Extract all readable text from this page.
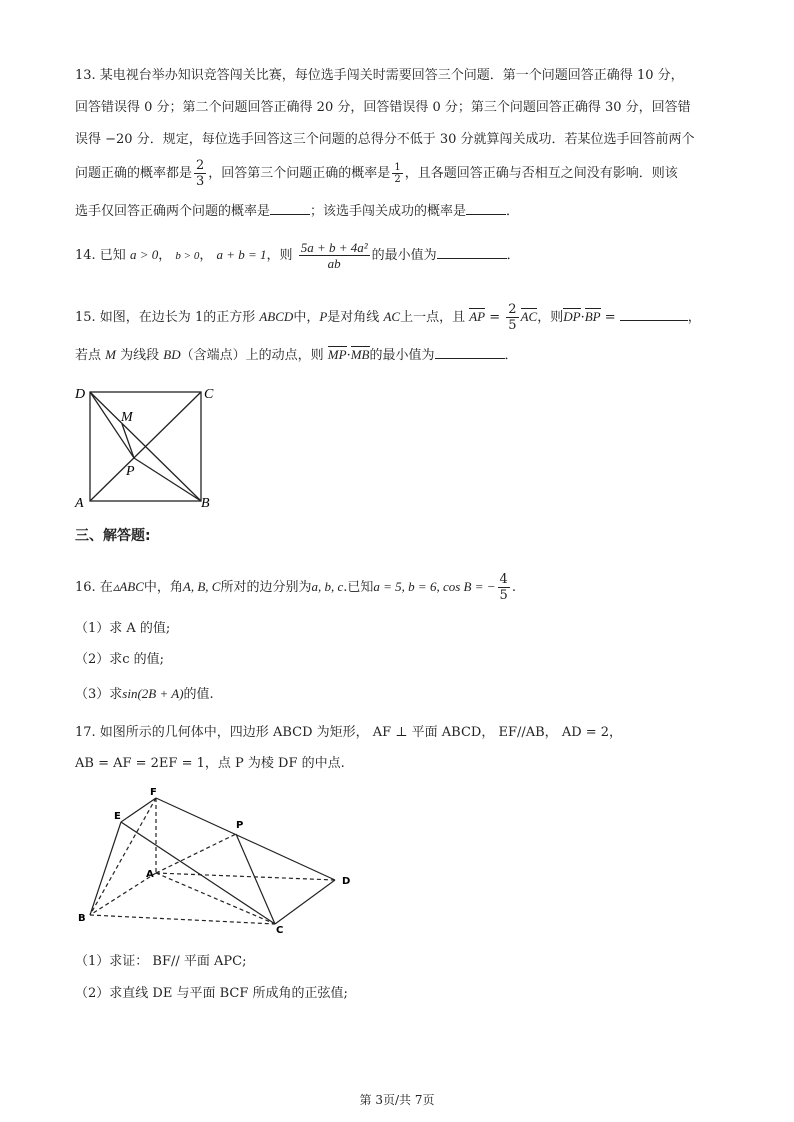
13. 某电视台举办知识竞答闯关比赛，每位选手闯关时需要回答三个问题．第一个问题回答正确得 10 分，
回答错误得 0 分；第二个问题回答正确得 20 分，回答错误得 0 分；第三个问题回答正确得 30 分，回答错
误得 −20 分．规定，每位选手回答这三个问题的总得分不低于 30 分就算闯关成功．若某位选手回答前两个
问题正确的概率都是 $\frac{2}{3}$ ，回答第三个问题正确的概率是 $\frac{1}{2}$ ，且各题回答正确与否相互之间没有影响．则该
选手仅回答正确两个问题的概率是	；该选手闯关成功的概率是	．
14. 已知 a > 0， b > 0， a + b = 1，则 $\frac{\text{5a + b + 4a²}}{ab}$ 的最小值为	．
15. 如图，在边长为 1的正方形 ABCD中，P是对角线 AC上一点，且 AP = $\frac{2}{5}$ AC，则DP·BP =	，
若点 M 为线段 BD（含端点）上的动点，则 MP·MB的最小值为	．
D	C
M
P
A	B
三、解答题:
16. 在▵ABC中，角A, B, C所对的边分别为a, b, c.已知a = 5, b = 6, cos B = − $\frac{4}{5}$ .
（1）求 A 的值;
（2）求c 的值;
（3）求sin(2B + A)的值.
17. 如图所示的几何体中，四边形 ABCD 为矩形， AF ⊥ 平面 ABCD， EF//AB， AD = 2，
AB = AF = 2EF = 1，点 P 为棱 DF 的中点.
F
E
P
A
D
B
C
（1）求证： BF// 平面 APC;
（2）求直线 DE 与平面 BCF 所成角的正弦值;
第 3页/共 7页
